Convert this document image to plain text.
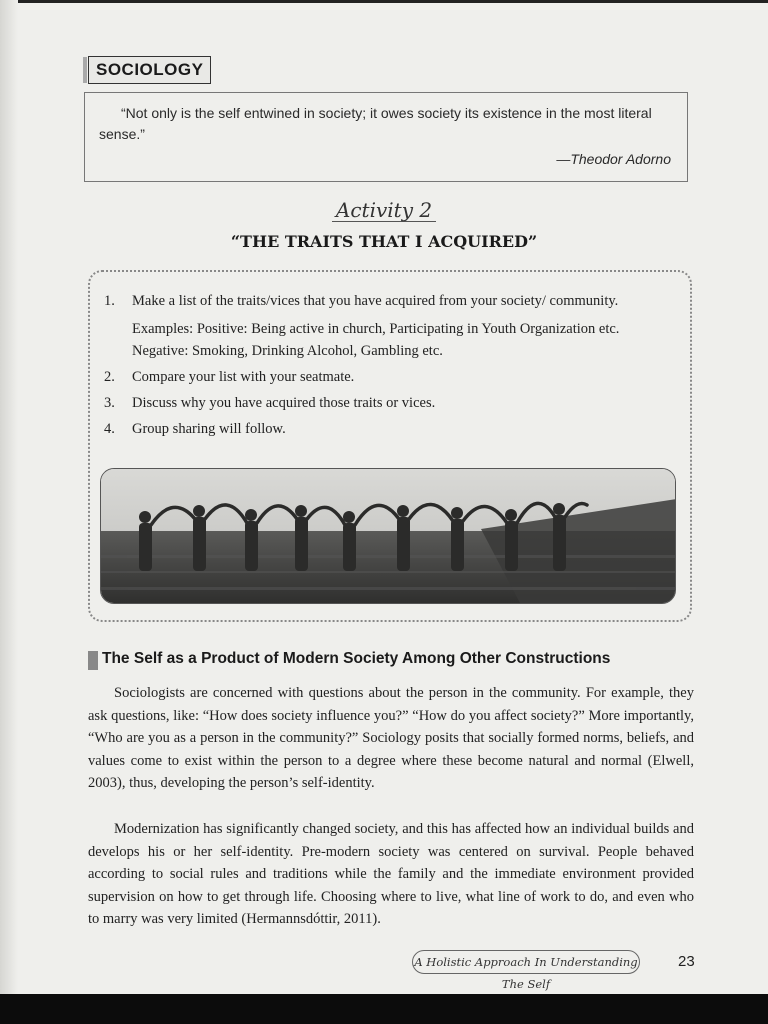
SOCIOLOGY
“Not only is the self entwined in society; it owes society its existence in the most literal sense.”
—Theodor Adorno
Activity 2
“THE TRAITS THAT I ACQUIRED”
1. Make a list of the traits/vices that you have acquired from your society/ community.
Examples: Positive: Being active in church, Participating in Youth Organization etc. Negative: Smoking, Drinking Alcohol, Gambling etc.
2. Compare your list with your seatmate.
3. Discuss why you have acquired those traits or vices.
4. Group sharing will follow.
The Self as a Product of Modern Society Among Other Constructions

Sociologists are concerned with questions about the person in the community. For example, they ask questions, like: “How does society influence you?” “How do you affect society?” More importantly, “Who are you as a person in the community?” Sociology posits that socially formed norms, beliefs, and values come to exist within the person to a degree where these become natural and normal (Elwell, 2003), thus, developing the person’s self-identity.

Modernization has significantly changed society, and this has affected how an individual builds and develops his or her self-identity. Pre-modern society was centered on survival. People behaved according to social rules and traditions while the family and the immediate environment provided supervision on how to get through life. Choosing where to live, what line of work to do, and even who to marry was very limited (Hermannsdóttir, 2011).

A Holistic Approach In Understanding The Self
23
